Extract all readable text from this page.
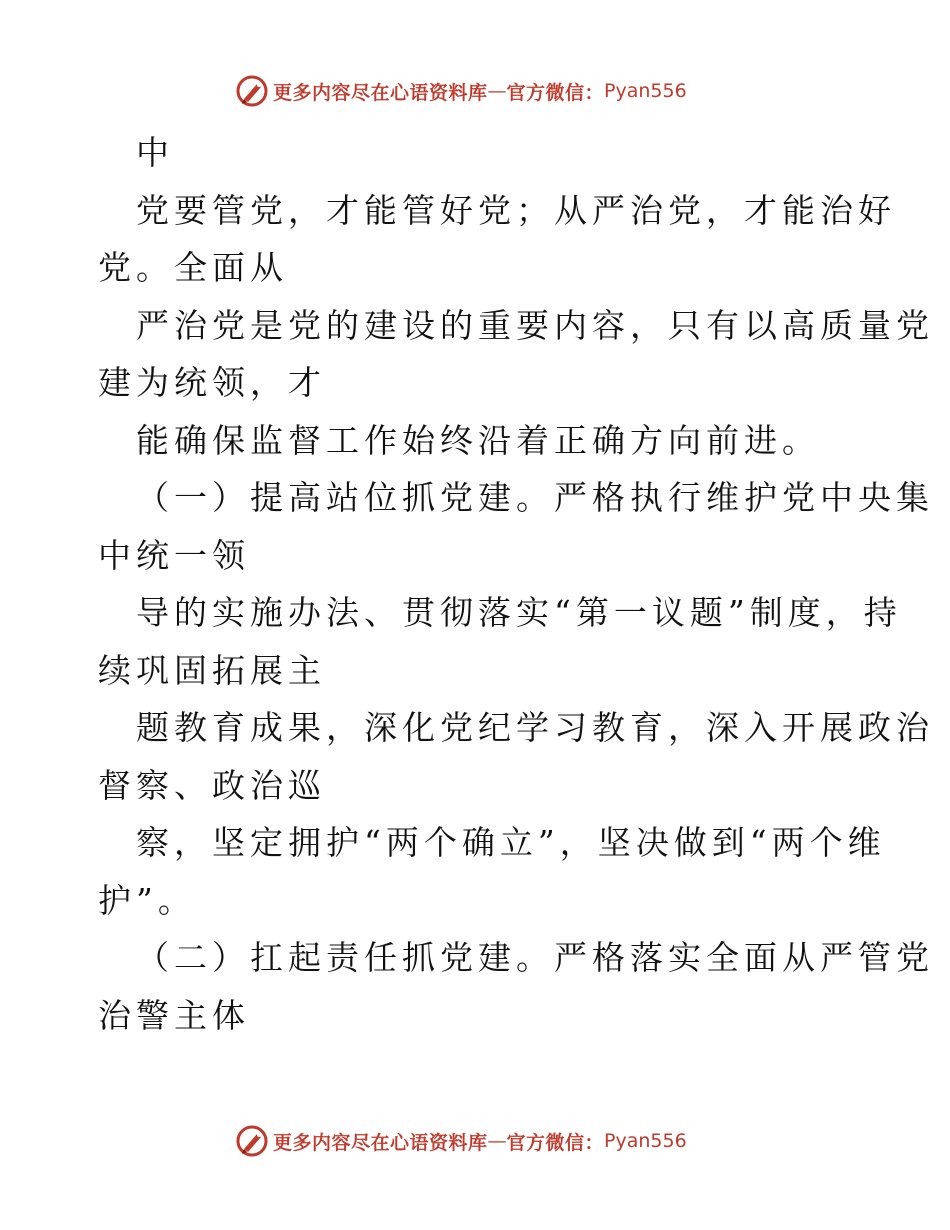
更多内容尽在心语资料库 — 官方微信： Pyan556
中
党要管党，才能管好党；从严治党，才能治好
党。全面从
严治党是党的建设的重要内容，只有以高质量党
建为统领，才
能确保监督工作始终沿着正确方向前进。
（一）提高站位抓党建。严格执行维护党中央集
中统一领
导的实施办法、贯彻落实“第一议题”制度，持
续巩固拓展主
题教育成果，深化党纪学习教育，深入开展政治
督察、政治巡
察，坚定拥护“两个确立”，坚决做到“两个维
护”。
（二）扛起责任抓党建。严格落实全面从严管党
治警主体
更多内容尽在心语资料库 — 官方微信： Pyan556
